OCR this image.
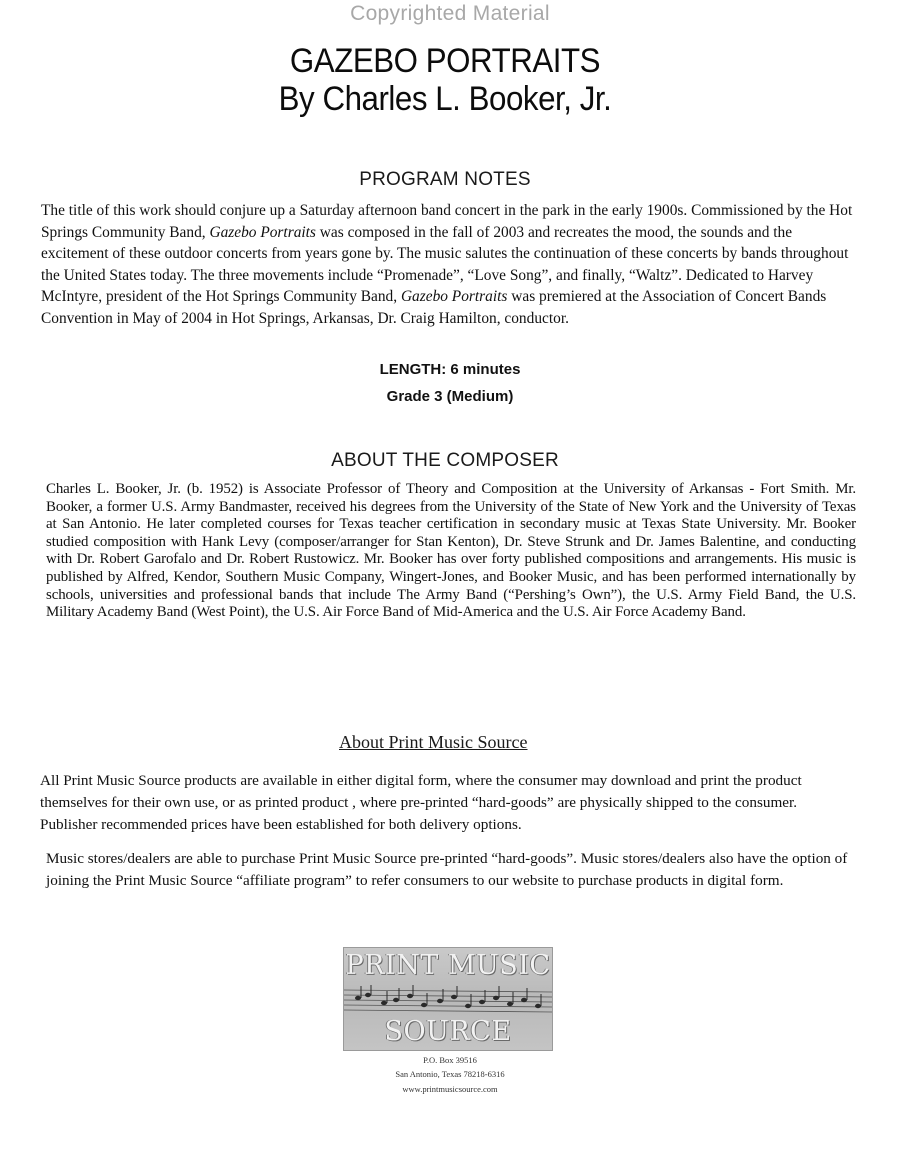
Copyrighted Material
GAZEBO PORTRAITS
By Charles L. Booker, Jr.
PROGRAM NOTES

The title of this work should conjure up a Saturday afternoon band concert in the park in the early 1900s. Commissioned by the Hot Springs Community Band, Gazebo Portraits was composed in the fall of 2003 and recreates the mood, the sounds and the excitement of these outdoor concerts from years gone by. The music salutes the continuation of these concerts by bands throughout the United States today. The three movements include “Promenade”, “Love Song”, and finally, “Waltz”. Dedicated to Harvey McIntyre, president of the Hot Springs Community Band, Gazebo Portraits was premiered at the Association of Concert Bands Convention in May of 2004 in Hot Springs, Arkansas, Dr. Craig Hamilton, conductor.

LENGTH: 6 minutes
Grade 3 (Medium)
ABOUT THE COMPOSER

Charles L. Booker, Jr. (b. 1952) is Associate Professor of Theory and Composition at the University of Arkansas - Fort Smith. Mr. Booker, a former U.S. Army Bandmaster, received his degrees from the University of the State of New York and the University of Texas at San Antonio. He later completed courses for Texas teacher certification in secondary music at Texas State University. Mr. Booker studied composition with Hank Levy (composer/arranger for Stan Kenton), Dr. Steve Strunk and Dr. James Balentine, and conducting with Dr. Robert Garofalo and Dr. Robert Rustowicz. Mr. Booker has over forty published compositions and arrangements. His music is published by Alfred, Kendor, Southern Music Company, Wingert-Jones, and Booker Music, and has been performed internationally by schools, universities and professional bands that include The Army Band (“Pershing’s Own”), the U.S. Army Field Band, the U.S. Military Academy Band (West Point), the U.S. Air Force Band of Mid-America and the U.S. Air Force Academy Band.

About Print Music Source

All Print Music Source products are available in either digital form, where the consumer may download and print the product themselves for their own use, or as printed product , where pre-printed “hard-goods” are physically shipped to the consumer. Publisher recommended prices have been established for both delivery options.

Music stores/dealers are able to purchase Print Music Source pre-printed “hard-goods”. Music stores/dealers also have the option of joining the Print Music Source “affiliate program” to refer consumers to our website to purchase products in digital form.

PRINT MUSIC
SOURCE
P.O. Box 39516
San Antonio, Texas 78218-6316
www.printmusicsource.com
